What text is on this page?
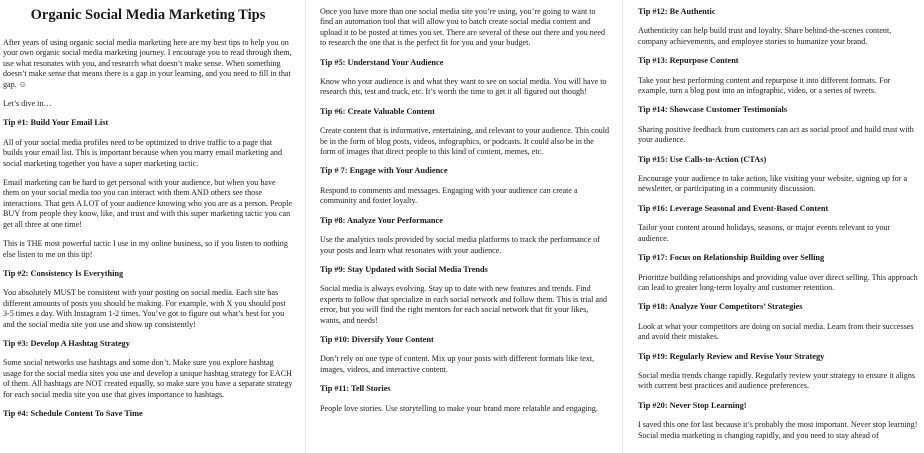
Organic Social Media Marketing Tips

After years of using organic social media marketing here are my best tips to help you on your own organic social media marketing journey. I encourage you to read through them, use what resonates with you, and research what doesn’t make sense. When something doesn’t make sense that means there is a gap in your learning, and you need to fill in that gap. ☺

Let’s dive in…

Tip #1: Build Your Email List

All of your social media profiles need to be optimized to drive traffic to a page that builds your email list. This is important because when you marry email marketing and social marketing together you have a super marketing tactic.

Email marketing can be hard to get personal with your audience, but when you have them on your social media too you can interact with them AND others see those interactions. That gets A LOT of your audience knowing who you are as a person. People BUY from people they know, like, and trust and with this super marketing tactic you can get all three at one time!

This is THE most powerful tactic I use in my online business, so if you listen to nothing else listen to me on this tip!

Tip #2: Consistency Is Everything

You absolutely MUST be consistent with your posting on social media. Each site has different amounts of posts you should be making. For example, with X you should post 3-5 times a day. With Instagram 1-2 times. You’ve got to figure out what’s best for you and the social media site you use and show up consistently!

Tip #3: Develop A Hashtag Strategy

Some social networks use hashtags and some don’t. Make sure you explore hashtag usage for the social media sites you use and develop a unique hashtag strategy for EACH of them. All hashtags are NOT created equally, so make sure you have a separate strategy for each social media site you use that gives importance to hashtags.

Tip #4: Schedule Content To Save Time

Once you have more than one social media site you’re using, you’re going to want to find an automation tool that will allow you to batch create social media content and upload it to be posted at times you set. There are several of these out there and you need to research the one that is the perfect fit for you and your budget.

Tip #5: Understand Your Audience

Know who your audience is and what they want to see on social media. You will have to research this, test and track, etc. It’s worth the time to get it all figured out though!

Tip #6: Create Valuable Content

Create content that is informative, entertaining, and relevant to your audience. This could be in the form of blog posts, videos, infographics, or podcasts. It could also be in the form of images that direct people to this kind of content, memes, etc.

Tip # 7: Engage with Your Audience

Respond to comments and messages. Engaging with your audience can create a community and foster loyalty.

Tip #8: Analyze Your Performance

Use the analytics tools provided by social media platforms to track the performance of your posts and learn what resonates with your audience.

Tip #9: Stay Updated with Social Media Trends

Social media is always evolving. Stay up to date with new features and trends. Find experts to follow that specialize in each social network and follow them. This is trial and error, but you will find the right mentors for each social network that fit your likes, wants, and needs!

Tip #10: Diversify Your Content

Don’t rely on one type of content. Mix up your posts with different formats like text, images, videos, and interactive content.

Tip #11: Tell Stories

People love stories. Use storytelling to make your brand more relatable and engaging.

Tip #12: Be Authentic

Authenticity can help build trust and loyalty. Share behind-the-scenes content, company achievements, and employee stories to humanize your brand.

Tip #13: Repurpose Content

Take your best performing content and repurpose it into different formats. For example, turn a blog post into an infographic, video, or a series of tweets.

Tip #14: Showcase Customer Testimonials

Sharing positive feedback from customers can act as social proof and build trust with your audience.

Tip #15: Use Calls-to-Action (CTAs)

Encourage your audience to take action, like visiting your website, signing up for a newsletter, or participating in a community discussion.

Tip #16: Leverage Seasonal and Event-Based Content

Tailor your content around holidays, seasons, or major events relevant to your audience.

Tip #17: Focus on Relationship Building over Selling

Prioritize building relationships and providing value over direct selling. This approach can lead to greater long-term loyalty and customer retention.

Tip #18: Analyze Your Competitors’ Strategies

Look at what your competitors are doing on social media. Learn from their successes and avoid their mistakes.

Tip #19: Regularly Review and Revise Your Strategy

Social media trends change rapidly. Regularly review your strategy to ensure it aligns with current best practices and audience preferences.

Tip #20: Never Stop Learning!

I saved this one for last because it’s probably the most important. Never stop learning! Social media marketing is changing rapidly, and you need to stay ahead of
